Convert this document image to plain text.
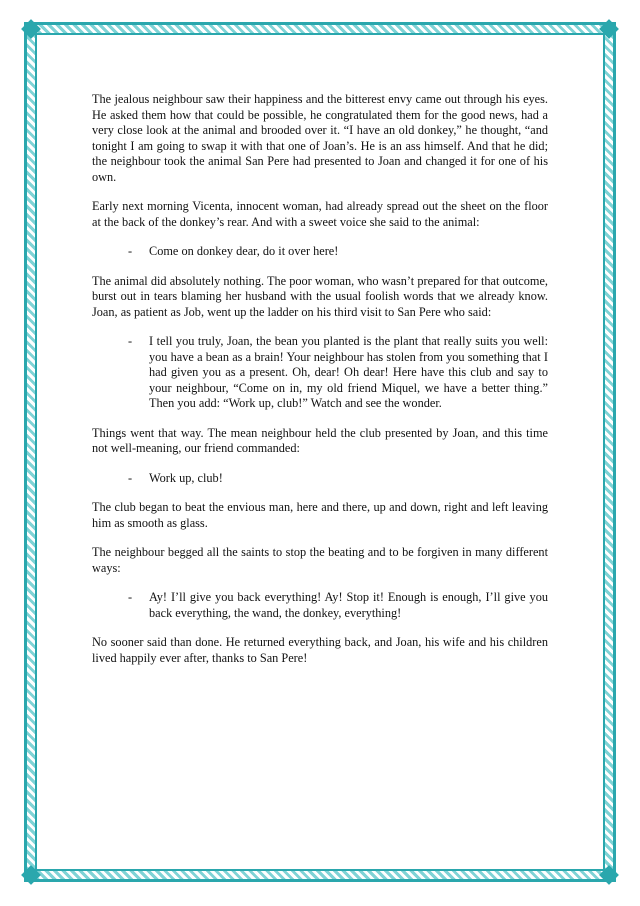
The jealous neighbour saw their happiness and the bitterest envy came out through his eyes. He asked them how that could be possible, he congratulated them for the good news, had a very close look at the animal and brooded over it. “I have an old donkey,” he thought, “and tonight I am going to swap it with that one of Joan’s. He is an ass himself. And that he did; the neighbour took the animal San Pere had presented to Joan and changed it for one of his own.

Early next morning Vicenta, innocent woman, had already spread out the sheet on the floor at the back of the donkey’s rear. And with a sweet voice she said to the animal:

-	Come on donkey dear, do it over here!

The animal did absolutely nothing. The poor woman, who wasn’t prepared for that outcome, burst out in tears blaming her husband with the usual foolish words that we already know. Joan, as patient as Job, went up the ladder on his third visit to San Pere who said:

-	I tell you truly, Joan, the bean you planted is the plant that really suits you well: you have a bean as a brain! Your neighbour has stolen from you something that I had given you as a present. Oh, dear! Oh dear! Here have this club and say to your neighbour, “Come on in, my old friend Miquel, we have a better thing.” Then you add: “Work up, club!” Watch and see the wonder.

Things went that way. The mean neighbour held the club presented by Joan, and this time not well-meaning, our friend commanded:

-	Work up, club!

The club began to beat the envious man, here and there, up and down, right and left leaving him as smooth as glass.

The neighbour begged all the saints to stop the beating and to be forgiven in many different ways:

-	Ay! I’ll give you back everything! Ay! Stop it! Enough is enough, I’ll give you back everything, the wand, the donkey, everything!

No sooner said than done. He returned everything back, and Joan, his wife and his children lived happily ever after, thanks to San Pere!
